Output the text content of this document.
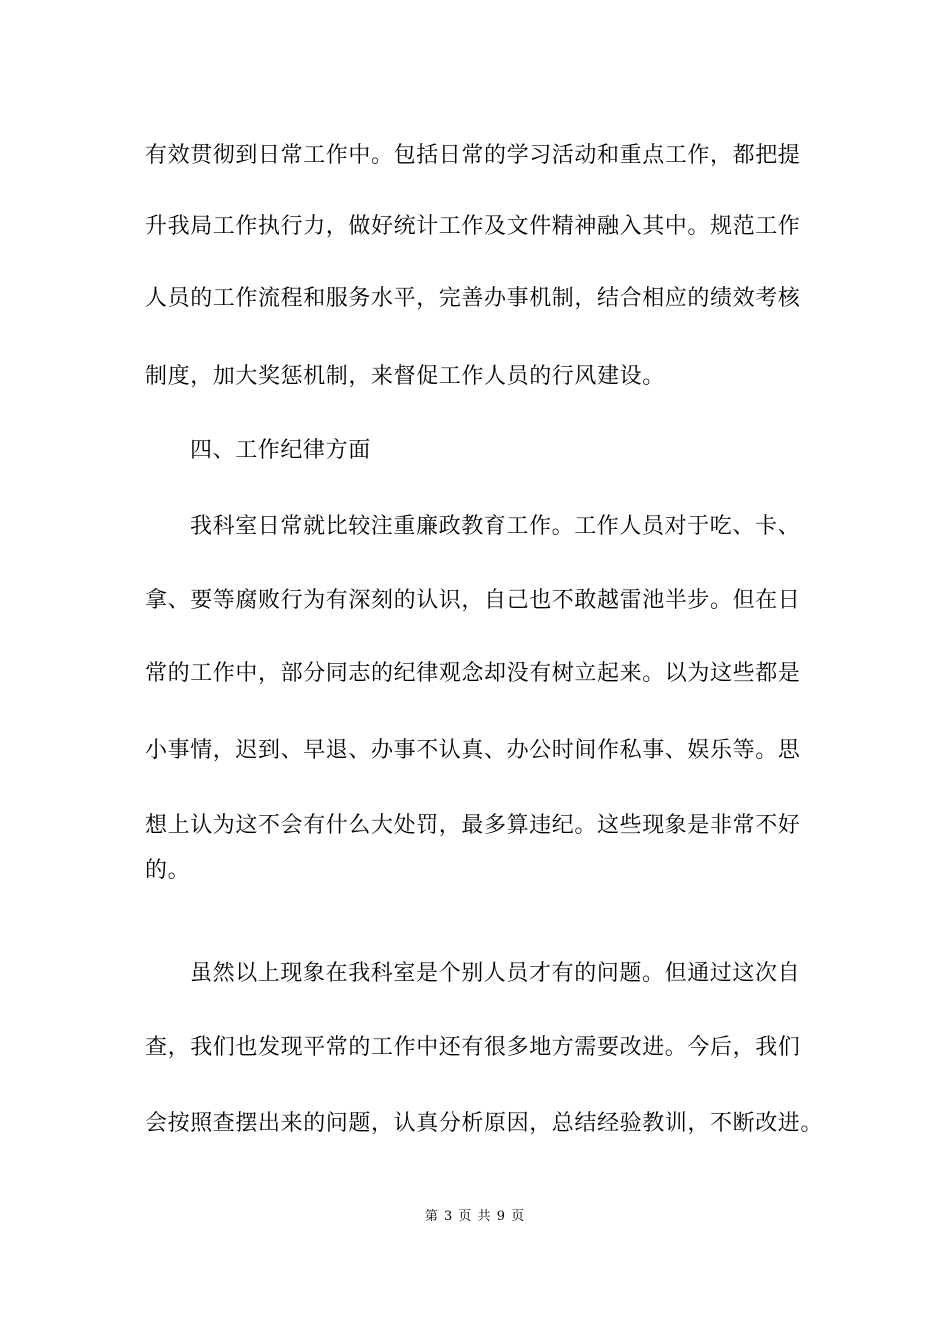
有效贯彻到日常工作中。包括日常的学习活动和重点工作，都把提
升我局工作执行力，做好统计工作及文件精神融入其中。规范工作
人员的工作流程和服务水平，完善办事机制，结合相应的绩效考核
制度，加大奖惩机制，来督促工作人员的行风建设。
四、工作纪律方面
我科室日常就比较注重廉政教育工作。工作人员对于吃、卡、
拿、要等腐败行为有深刻的认识，自己也不敢越雷池半步。但在日
常的工作中，部分同志的纪律观念却没有树立起来。以为这些都是
小事情，迟到、早退、办事不认真、办公时间作私事、娱乐等。思
想上认为这不会有什么大处罚，最多算违纪。这些现象是非常不好
的。
虽然以上现象在我科室是个别人员才有的问题。但通过这次自
查，我们也发现平常的工作中还有很多地方需要改进。今后，我们
会按照查摆出来的问题，认真分析原因，总结经验教训，不断改进。
第 3 页 共 9 页
